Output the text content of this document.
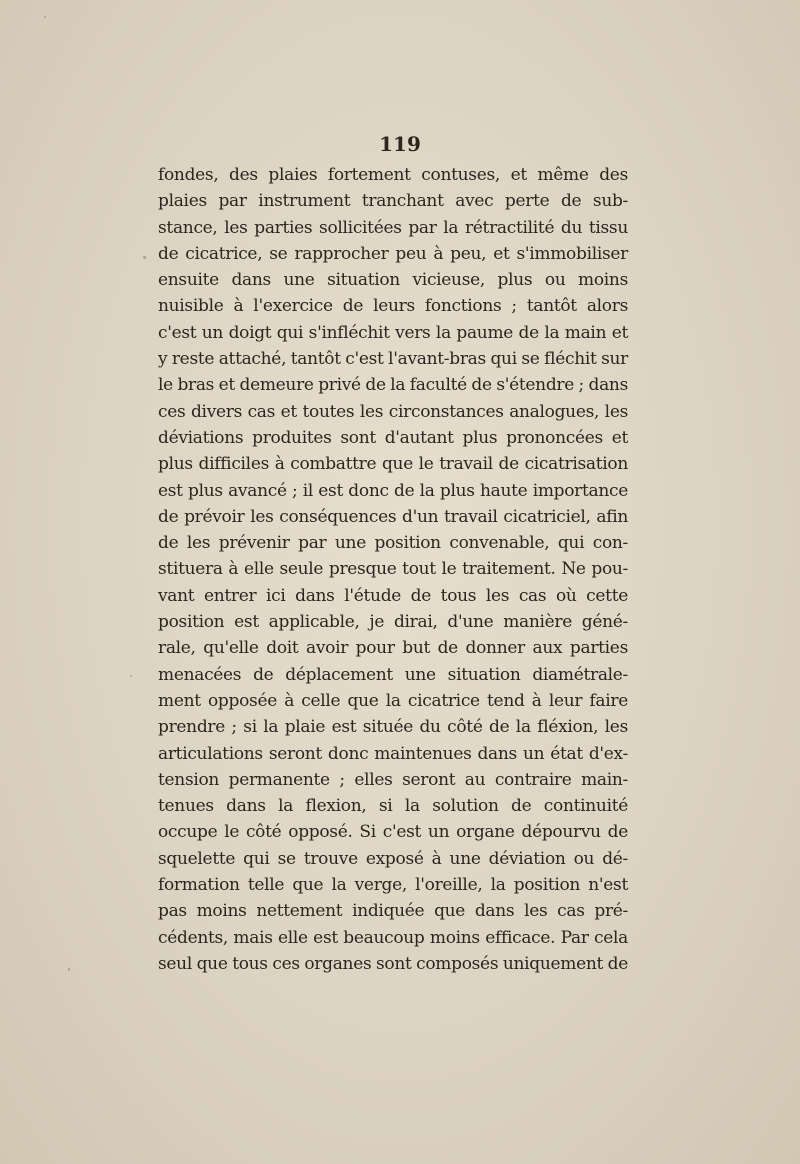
119
fondes, des plaies fortement contuses, et même des
plaies par instrument tranchant avec perte de sub-
stance, les parties sollicitées par la rétractilité du tissu
de cicatrice, se rapprocher peu à peu, et s'immobiliser
ensuite dans une situation vicieuse, plus ou moins
nuisible à l'exercice de leurs fonctions ; tantôt alors
c'est un doigt qui s'infléchit vers la paume de la main et
y reste attaché, tantôt c'est l'avant-bras qui se fléchit sur
le bras et demeure privé de la faculté de s'étendre ; dans
ces divers cas et toutes les circonstances analogues, les
déviations produites sont d'autant plus prononcées et
plus difficiles à combattre que le travail de cicatrisation
est plus avancé ; il est donc de la plus haute importance
de prévoir les conséquences d'un travail cicatriciel, afin
de les prévenir par une position convenable, qui con-
stituera à elle seule presque tout le traitement. Ne pou-
vant entrer ici dans l'étude de tous les cas où cette
position est applicable, je dirai, d'une manière géné-
rale, qu'elle doit avoir pour but de donner aux parties
menacées de déplacement une situation diamétrale-
ment opposée à celle que la cicatrice tend à leur faire
prendre ; si la plaie est située du côté de la fléxion, les
articulations seront donc maintenues dans un état d'ex-
tension permanente ; elles seront au contraire main-
tenues dans la flexion, si la solution de continuité
occupe le côté opposé. Si c'est un organe dépourvu de
squelette qui se trouve exposé à une déviation ou dé-
formation telle que la verge, l'oreille, la position n'est
pas moins nettement indiquée que dans les cas pré-
cédents, mais elle est beaucoup moins efficace. Par cela
seul que tous ces organes sont composés uniquement de
